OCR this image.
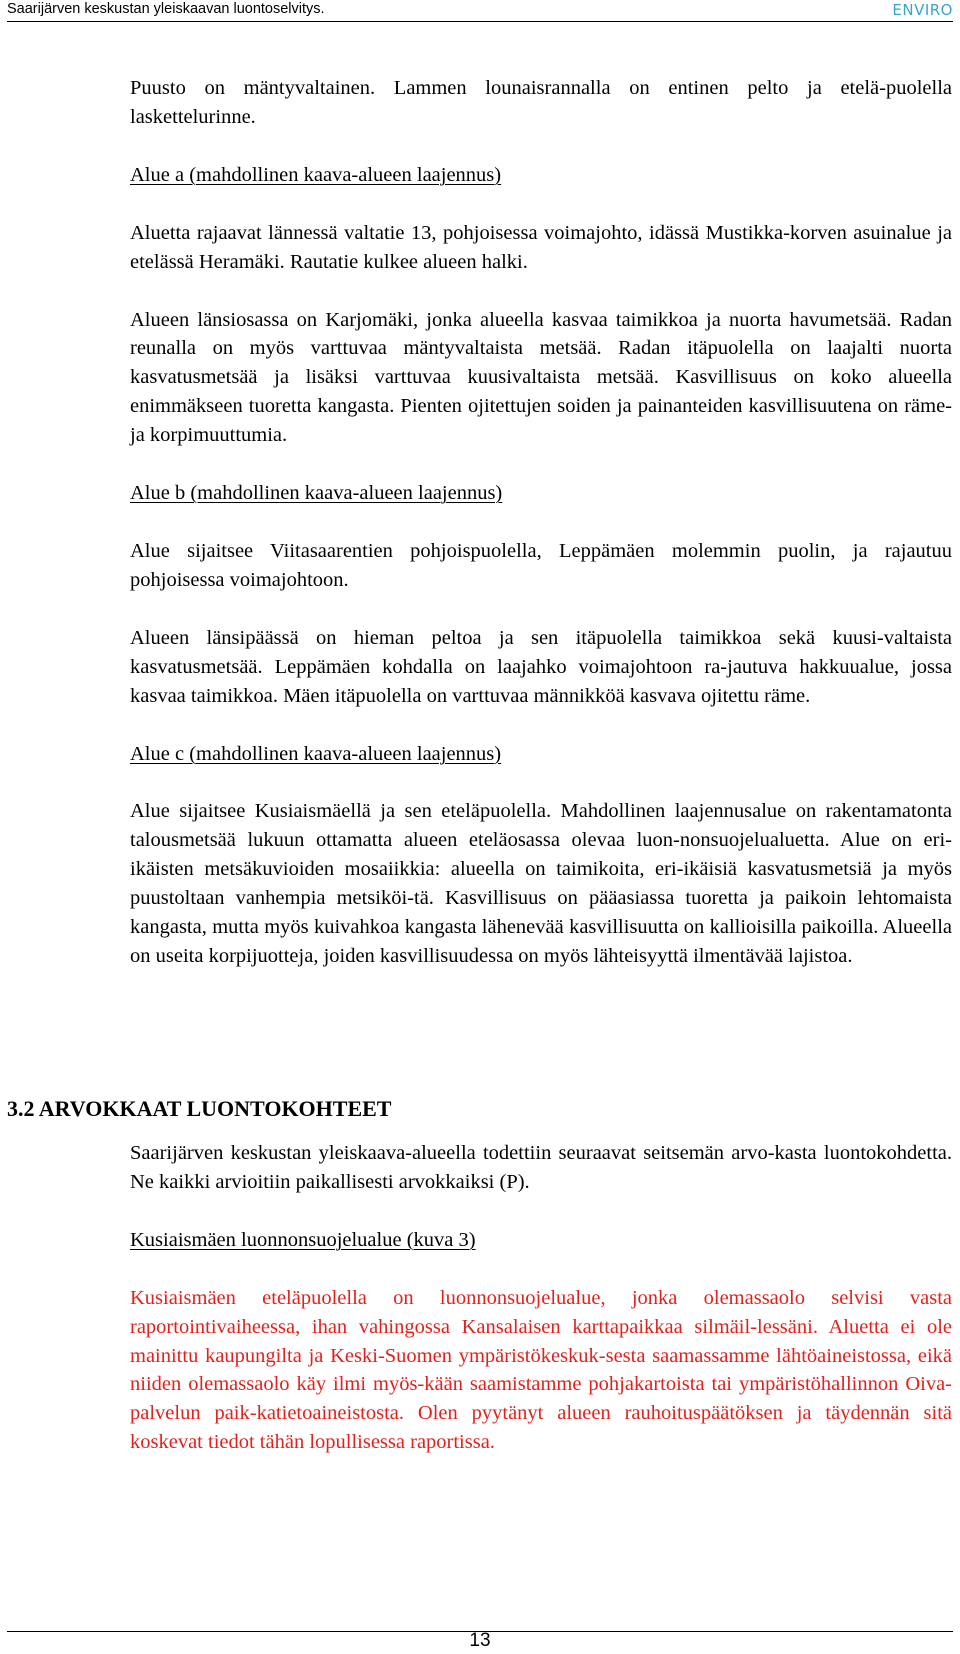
Saarijärven keskustan yleiskaavan luontoselvitys.	ENVIRO

Puusto on mäntyvaltainen. Lammen lounaisrannalla on entinen pelto ja etelä-puolella laskettelurinne.

Alue a (mahdollinen kaava-alueen laajennus)

Aluetta rajaavat lännessä valtatie 13, pohjoisessa voimajohto, idässä Mustikka-korven asuinalue ja etelässä Heramäki. Rautatie kulkee alueen halki.

Alueen länsiosassa on Karjomäki, jonka alueella kasvaa taimikkoa ja nuorta havumetsää. Radan reunalla on myös varttuvaa mäntyvaltaista metsää. Radan itäpuolella on laajalti nuorta kasvatusmetsää ja lisäksi varttuvaa kuusivaltaista metsää. Kasvillisuus on koko alueella enimmäkseen tuoretta kangasta. Pienten ojitettujen soiden ja painanteiden kasvillisuutena on räme- ja korpimuuttumia.

Alue b (mahdollinen kaava-alueen laajennus)

Alue sijaitsee Viitasaarentien pohjoispuolella, Leppämäen molemmin puolin, ja rajautuu pohjoisessa voimajohtoon.

Alueen länsipäässä on hieman peltoa ja sen itäpuolella taimikkoa sekä kuusi-valtaista kasvatusmetsää. Leppämäen kohdalla on laajahko voimajohtoon ra-jautuva hakkuualue, jossa kasvaa taimikkoa. Mäen itäpuolella on varttuvaa männikköä kasvava ojitettu räme.

Alue c (mahdollinen kaava-alueen laajennus)

Alue sijaitsee Kusiaismäellä ja sen eteläpuolella. Mahdollinen laajennusalue on rakentamatonta talousmetsää lukuun ottamatta alueen eteläosassa olevaa luon-nonsuojelualuetta. Alue on eri-ikäisten metsäkuvioiden mosaiikkia: alueella on taimikoita, eri-ikäisiä kasvatusmetsiä ja myös puustoltaan vanhempia metsiköi-tä. Kasvillisuus on pääasiassa tuoretta ja paikoin lehtomaista kangasta, mutta myös kuivahkoa kangasta lähenevää kasvillisuutta on kallioisilla paikoilla. Alueella on useita korpijuotteja, joiden kasvillisuudessa on myös lähteisyyttä ilmentävää lajistoa.

3.2 ARVOKKAAT LUONTOKOHTEET

Saarijärven keskustan yleiskaava-alueella todettiin seuraavat seitsemän arvo-kasta luontokohdetta. Ne kaikki arvioitiin paikallisesti arvokkaiksi (P).

Kusiaismäen luonnonsuojelualue (kuva 3)

Kusiaismäen eteläpuolella on luonnonsuojelualue, jonka olemassaolo selvisi vasta raportointivaiheessa, ihan vahingossa Kansalaisen karttapaikkaa silmäil-lessäni. Aluetta ei ole mainittu kaupungilta ja Keski-Suomen ympäristökeskuk-sesta saamassamme lähtöaineistossa, eikä niiden olemassaolo käy ilmi myös-kään saamistamme pohjakartoista tai ympäristöhallinnon Oiva-palvelun paik-katietoaineistosta. Olen pyytänyt alueen rauhoituspäätöksen ja täydennän sitä koskevat tiedot tähän lopullisessa raportissa.

13
